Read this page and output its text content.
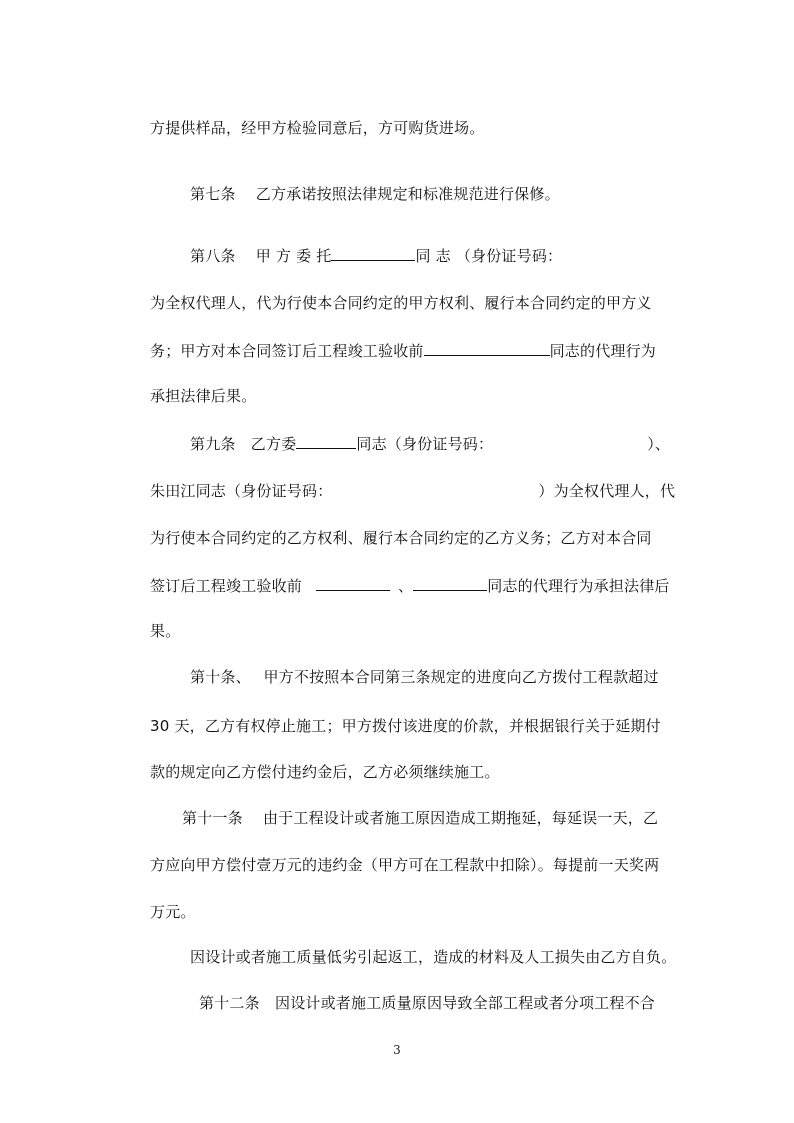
方提供样品，经甲方检验同意后，方可购货进场。
第七条　 乙方承诺按照法律规定和标准规范进行保修。
第八条　 甲 方 委 托	同 志 （身份证号码：
为全权代理人，代为行使本合同约定的甲方权利、履行本合同约定的甲方义
务；甲方对本合同签订后工程竣工验收前	同志的代理行为
承担法律后果。
第九条　乙方委	同志（身份证号码：	）、
朱田江同志（身份证号码：	）为全权代理人，代
为行使本合同约定的乙方权利、履行本合同约定的乙方义务；乙方对本合同
签订后工程竣工验收前	、	同志的代理行为承担法律后
果。
第十条、　 甲方不按照本合同第三条规定的进度向乙方拨付工程款超过
30 天，乙方有权停止施工；甲方拨付该进度的价款，并根据银行关于延期付
款的规定向乙方偿付违约金后，乙方必须继续施工。
第十一条　 由于工程设计或者施工原因造成工期拖延，每延误一天，乙
方应向甲方偿付壹万元的违约金（甲方可在工程款中扣除）。每提前一天奖两
万元。
因设计或者施工质量低劣引起返工，造成的材料及人工损失由乙方自负。
第十二条　因设计或者施工质量原因导致全部工程或者分项工程不合
3
